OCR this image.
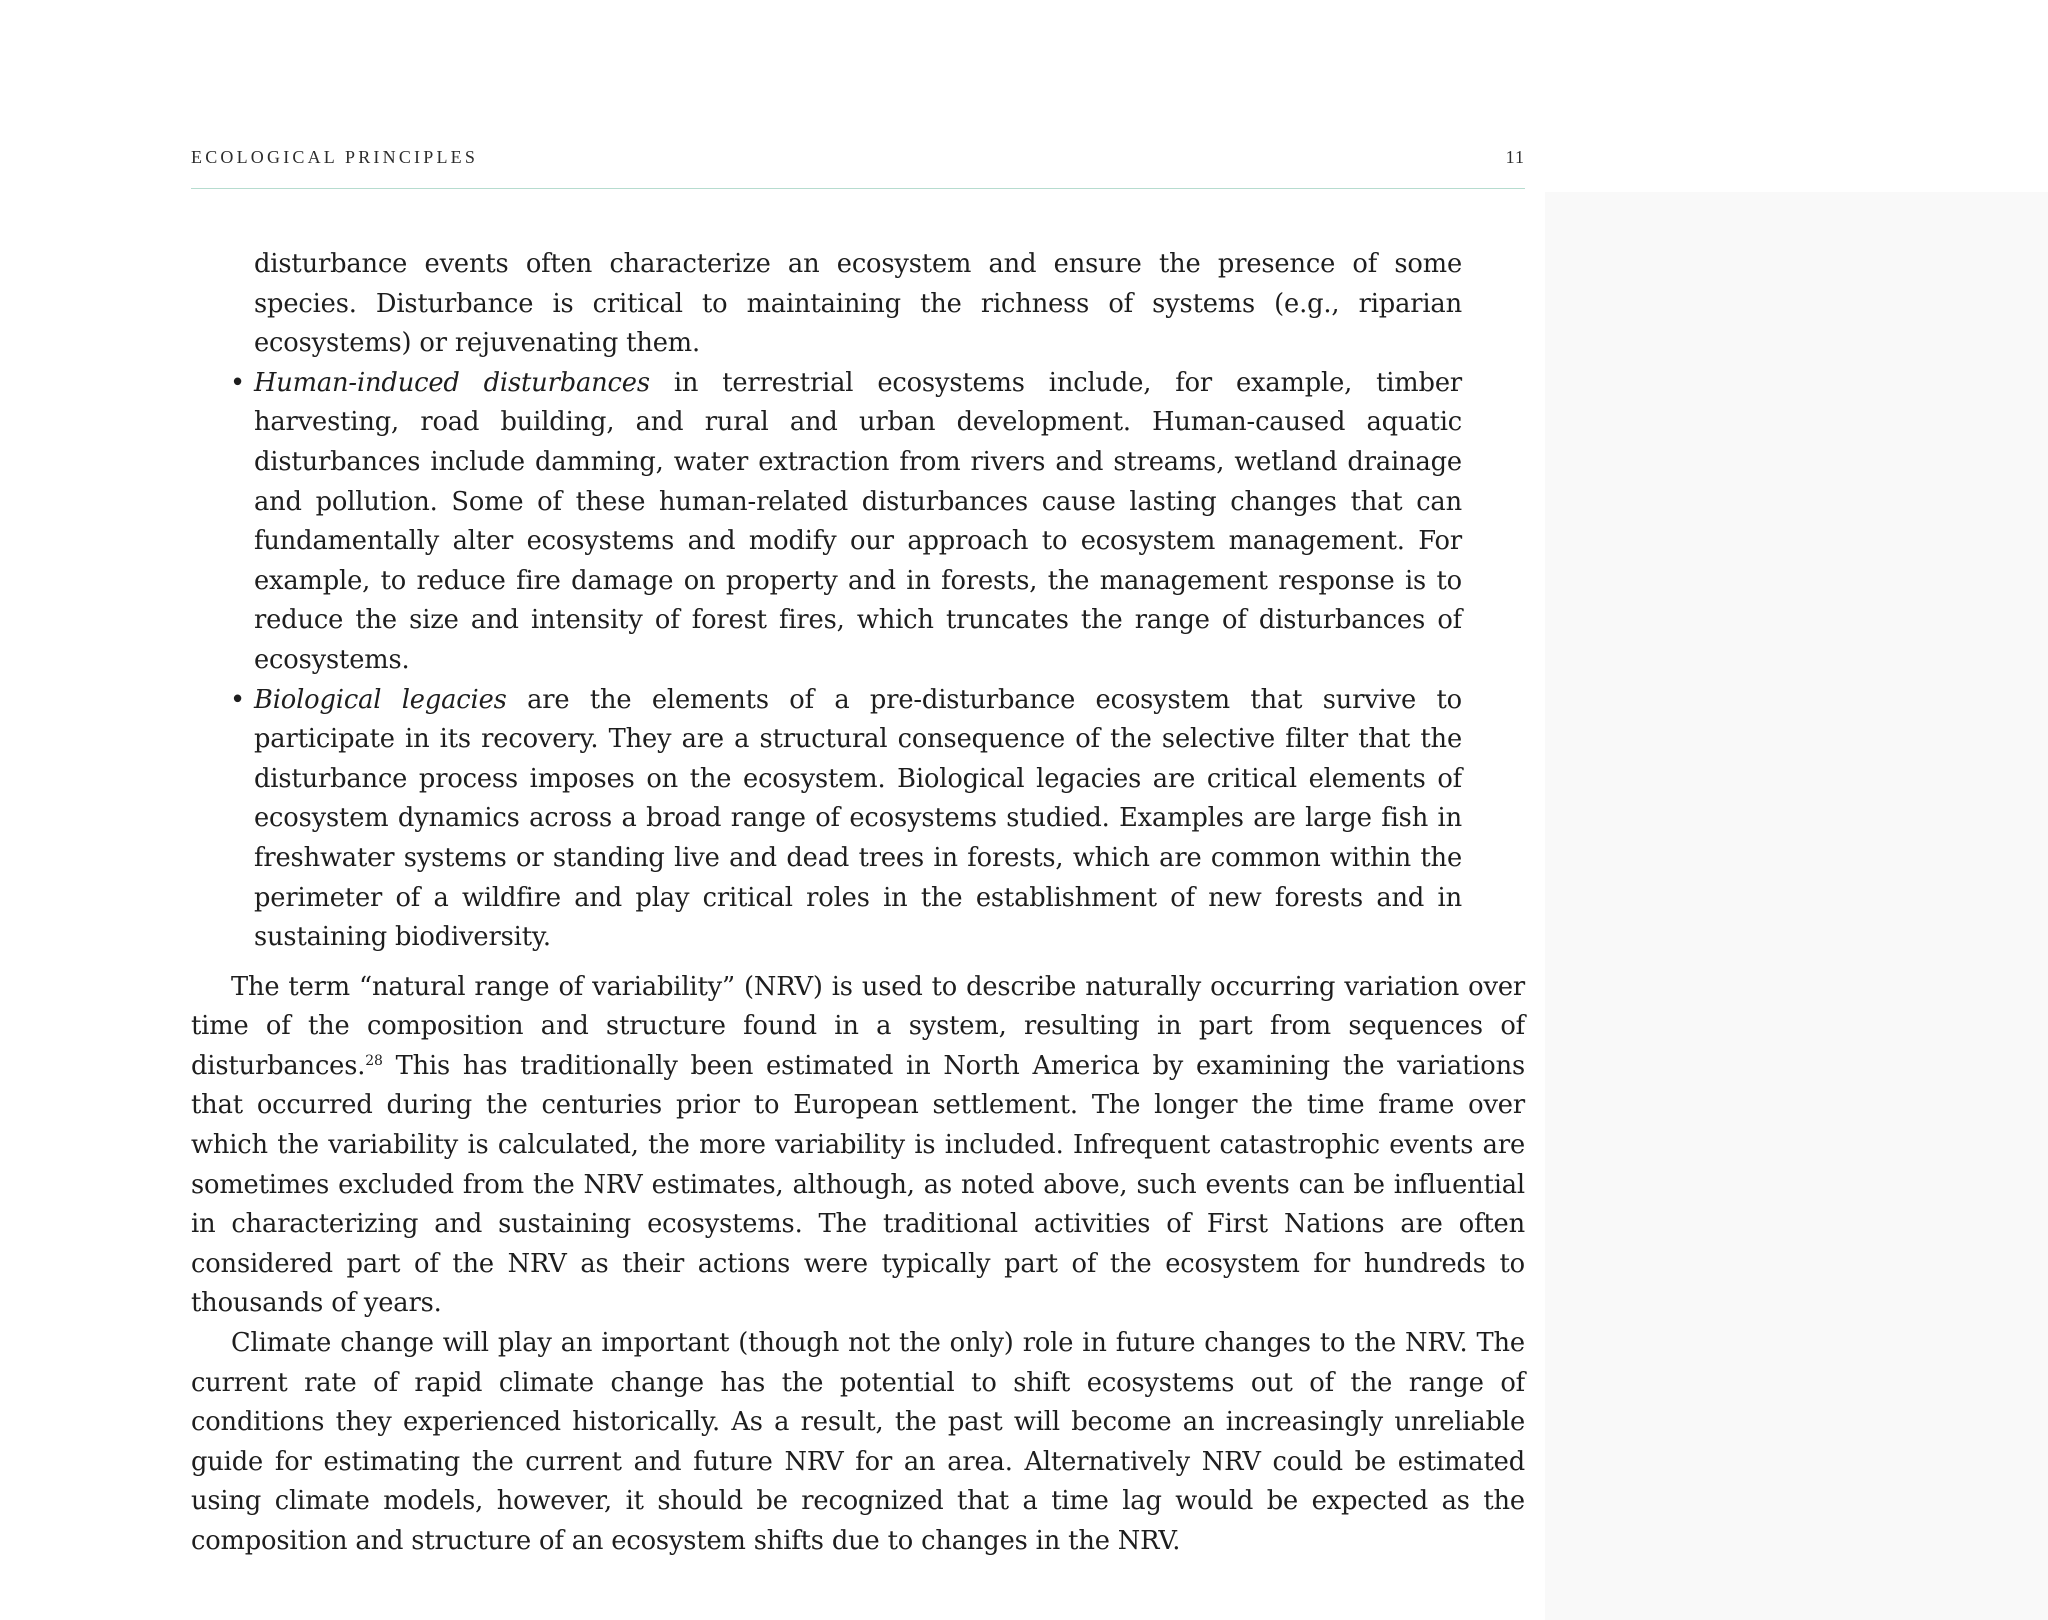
ECOLOGICAL PRINCIPLES	11
disturbance events often characterize an ecosystem and ensure the presence of some species. Disturbance is critical to maintaining the richness of systems (e.g., riparian ecosystems) or rejuvenating them.
• Human-induced disturbances in terrestrial ecosystems include, for example, timber harvesting, road building, and rural and urban development. Human-caused aquatic disturbances include damming, water extraction from rivers and streams, wetland drainage and pollution. Some of these human-related disturbances cause lasting changes that can fundamentally alter ecosystems and modify our approach to ecosystem management. For example, to reduce fire damage on property and in forests, the management response is to reduce the size and intensity of forest fires, which truncates the range of disturbances of ecosystems.
• Biological legacies are the elements of a pre-disturbance ecosystem that survive to participate in its recovery. They are a structural consequence of the selective filter that the disturbance process imposes on the ecosystem. Biological legacies are critical elements of ecosystem dynamics across a broad range of ecosystems studied. Examples are large fish in freshwater systems or standing live and dead trees in forests, which are common within the perimeter of a wildfire and play critical roles in the establishment of new forests and in sustaining biodiversity.

The term “natural range of variability” (NRV) is used to describe naturally occurring variation over time of the composition and structure found in a system, resulting in part from sequences of disturbances.$^{28}$ This has traditionally been estimated in North America by examining the variations that occurred during the centuries prior to European settlement. The longer the time frame over which the variability is calculated, the more variability is included. Infrequent catastrophic events are sometimes excluded from the NRV estimates, although, as noted above, such events can be influential in characterizing and sustaining ecosystems. The traditional activities of First Nations are often considered part of the NRV as their actions were typically part of the ecosystem for hundreds to thousands of years.

Climate change will play an important (though not the only) role in future changes to the NRV. The current rate of rapid climate change has the potential to shift ecosystems out of the range of conditions they experienced historically. As a result, the past will become an increasingly unreliable guide for estimating the current and future NRV for an area. Alternatively NRV could be estimated using climate models, however, it should be recognized that a time lag would be expected as the composition and structure of an ecosystem shifts due to changes in the NRV.
